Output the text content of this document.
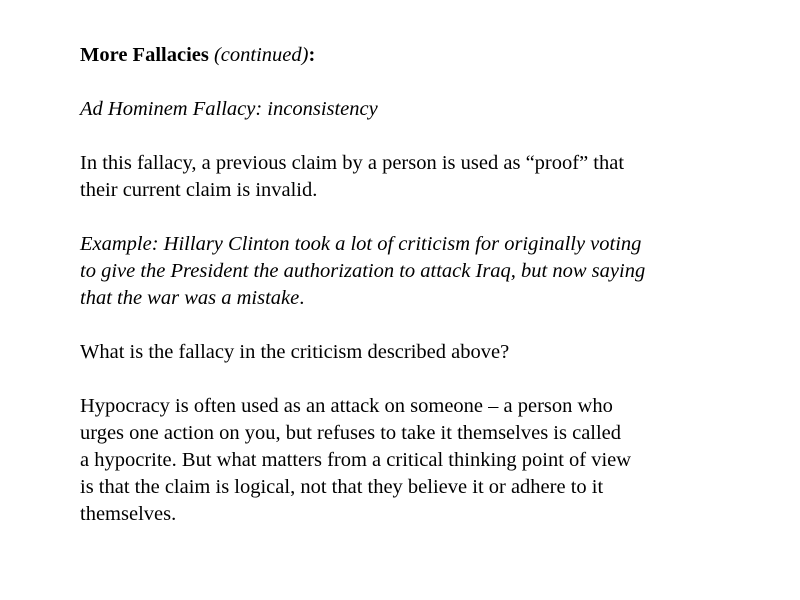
More Fallacies (continued):

Ad Hominem Fallacy: inconsistency

In this fallacy, a previous claim by a person is used as “proof” that
their current claim is invalid.

Example: Hillary Clinton took a lot of criticism for originally voting
to give the President the authorization to attack Iraq, but now saying
that the war was a mistake.

What is the fallacy in the criticism described above?

Hypocracy is often used as an attack on someone – a person who
urges one action on you, but refuses to take it themselves is called
a hypocrite. But what matters from a critical thinking point of view
is that the claim is logical, not that they believe it or adhere to it
themselves.
